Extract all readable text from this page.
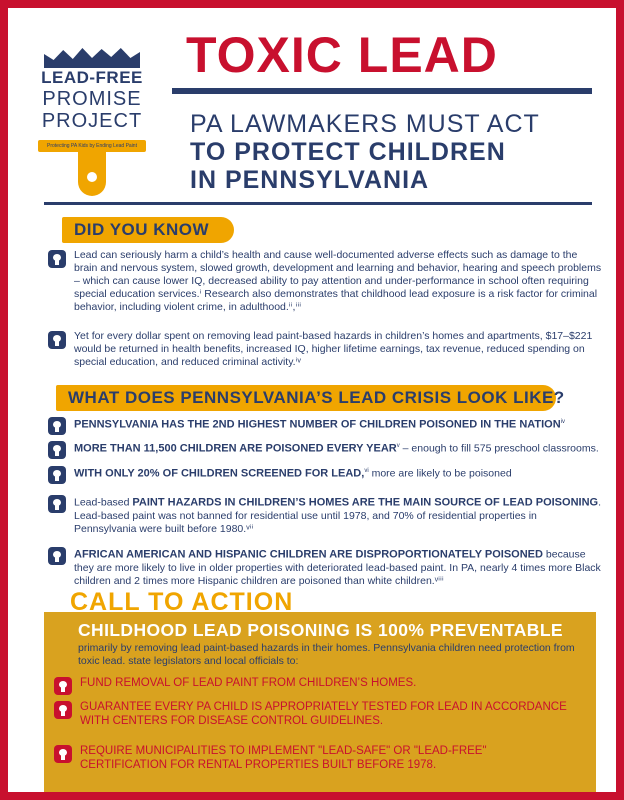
LEAD-FREE
PROMISE
PROJECT
Protecting PA Kids by Ending Lead Paint
TOXIC LEAD
PA LAWMAKERS MUST ACT
TO PROTECT CHILDREN
IN PENNSYLVANIA
DID YOU KNOW
Lead can seriously harm a child’s health and cause well-documented adverse effects such as damage to the brain and nervous system, slowed growth, development and learning and behavior, hearing and speech problems – which can cause lower IQ, decreased ability to pay attention and under-performance in school often requiring special education services.ⁱ Research also demonstrates that childhood lead exposure is a risk factor for criminal behavior, including violent crime, in adulthood.ⁱⁱ,ⁱⁱⁱ
Yet for every dollar spent on removing lead paint-based hazards in children’s homes and apartments, $17–$221 would be returned in health benefits, increased IQ, higher lifetime earnings, tax revenue, reduced spending on special education, and reduced criminal activity.ⁱᵛ
WHAT DOES PENNSYLVANIA’S LEAD CRISIS LOOK LIKE?
PENNSYLVANIA HAS THE 2ND HIGHEST NUMBER OF CHILDREN POISONED IN THE NATION$^{iv}$
MORE THAN 11,500 CHILDREN ARE POISONED EVERY YEAR$^v$ – enough to fill 575 preschool classrooms.
WITH ONLY 20% OF CHILDREN SCREENED FOR LEAD,$^{vi}$ more are likely to be poisoned
Lead-based PAINT HAZARDS IN CHILDREN’S HOMES ARE THE MAIN SOURCE OF LEAD POISONING. Lead-based paint was not banned for residential use until 1978, and 70% of residential properties in Pennsylvania were built before 1980.ᵛⁱⁱ
AFRICAN AMERICAN AND HISPANIC CHILDREN ARE DISPROPORTIONATELY POISONED because they are more likely to live in older properties with deteriorated lead-based paint. In PA, nearly 4 times more Black children and 2 times more Hispanic children are poisoned than white children.ᵛⁱⁱⁱ
CHILDHOOD LEAD POISONING IS 100% PREVENTABLE
primarily by removing lead paint-based hazards in their homes. Pennsylvania children need protection from toxic lead. state legislators and local officials to:
FUND REMOVAL OF LEAD PAINT FROM CHILDREN’S HOMES.
GUARANTEE EVERY PA CHILD IS APPROPRIATELY TESTED FOR LEAD IN ACCORDANCE WITH CENTERS FOR DISEASE CONTROL GUIDELINES.
REQUIRE MUNICIPALITIES TO IMPLEMENT "LEAD-SAFE" OR "LEAD-FREE" CERTIFICATION FOR RENTAL PROPERTIES BUILT BEFORE 1978.
CALL TO ACTION
